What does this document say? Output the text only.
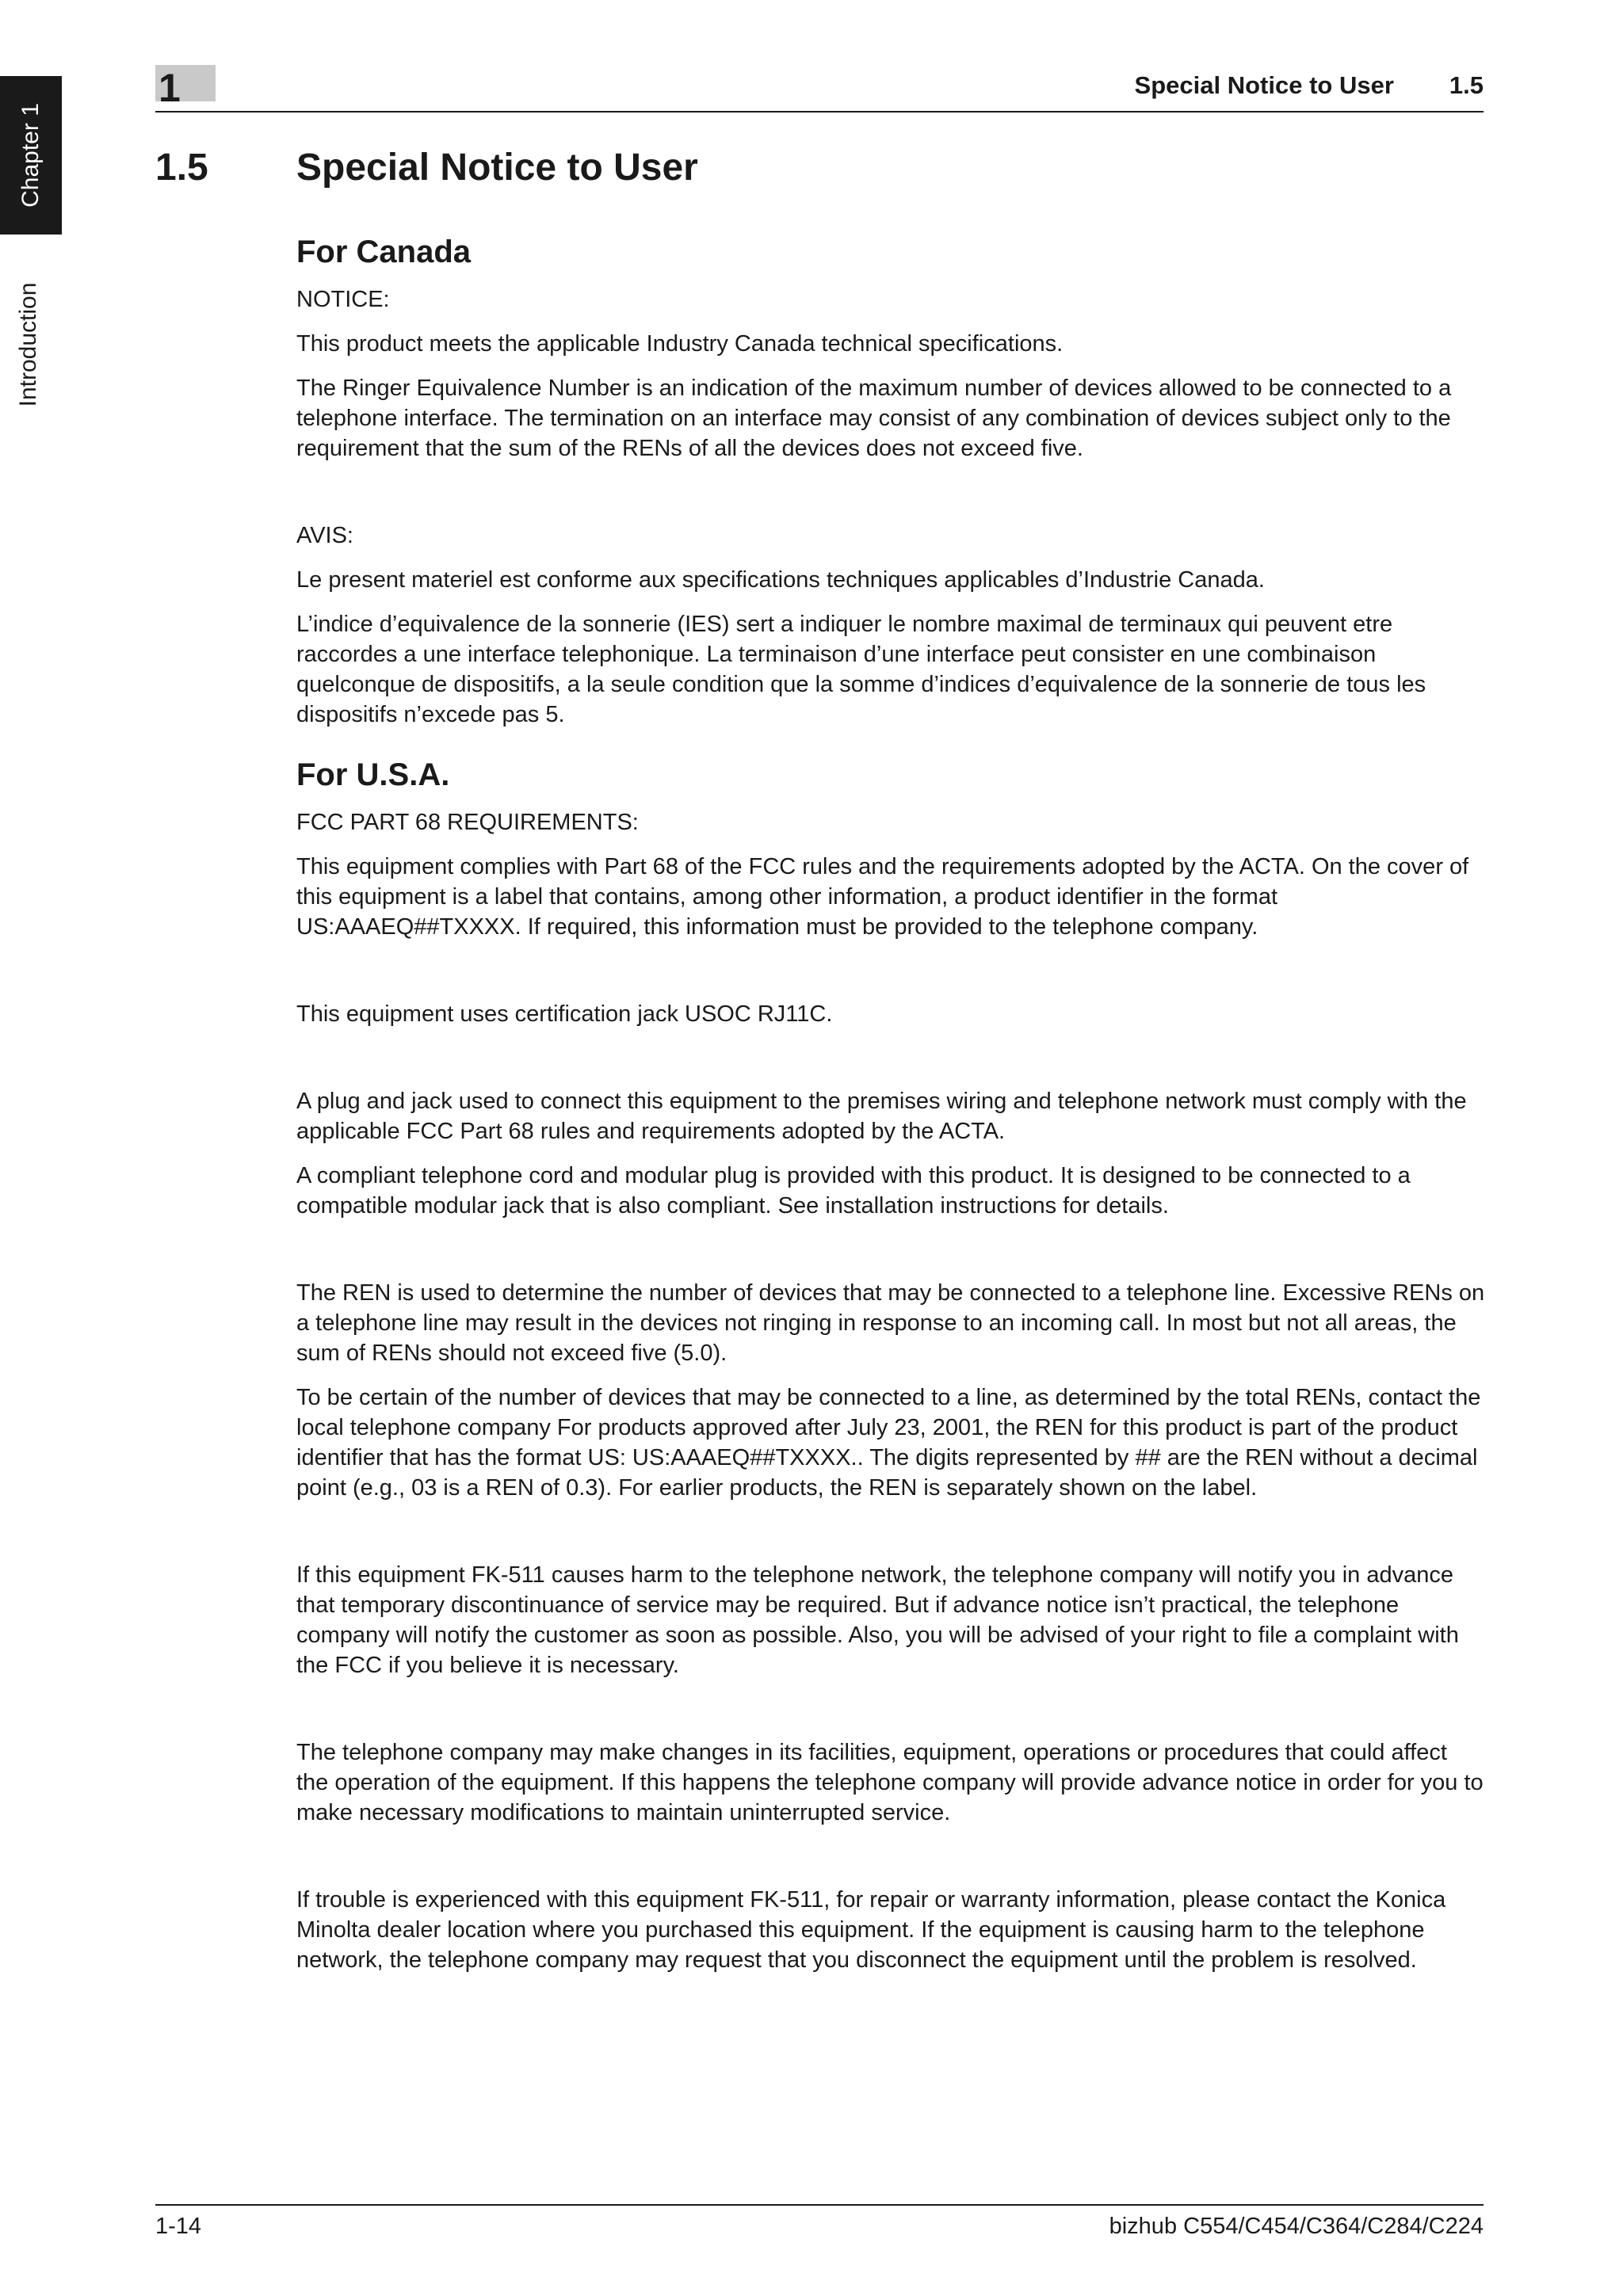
Chapter 1
Introduction
1	Special Notice to User 1.5
1.5 Special Notice to User
For Canada

NOTICE:

This product meets the applicable Industry Canada technical specifications.

The Ringer Equivalence Number is an indication of the maximum number of devices allowed to be connected to a telephone interface. The termination on an interface may consist of any combination of devices subject only to the requirement that the sum of the RENs of all the devices does not exceed five.

AVIS:

Le present materiel est conforme aux specifications techniques applicables d’Industrie Canada.

L’indice d’equivalence de la sonnerie (IES) sert a indiquer le nombre maximal de terminaux qui peuvent etre raccordes a une interface telephonique. La terminaison d’une interface peut consister en une combinaison quelconque de dispositifs, a la seule condition que la somme d’indices d’equivalence de la sonnerie de tous les dispositifs n’excede pas 5.

For U.S.A.

FCC PART 68 REQUIREMENTS:

This equipment complies with Part 68 of the FCC rules and the requirements adopted by the ACTA. On the cover of this equipment is a label that contains, among other information, a product identifier in the format US:AAAEQ##TXXXX. If required, this information must be provided to the telephone company.

This equipment uses certification jack USOC RJ11C.

A plug and jack used to connect this equipment to the premises wiring and telephone network must comply with the applicable FCC Part 68 rules and requirements adopted by the ACTA.

A compliant telephone cord and modular plug is provided with this product. It is designed to be connected to a compatible modular jack that is also compliant. See installation instructions for details.

The REN is used to determine the number of devices that may be connected to a telephone line. Excessive RENs on a telephone line may result in the devices not ringing in response to an incoming call. In most but not all areas, the sum of RENs should not exceed five (5.0).

To be certain of the number of devices that may be connected to a line, as determined by the total RENs, contact the local telephone company For products approved after July 23, 2001, the REN for this product is part of the product identifier that has the format US: US:AAAEQ##TXXXX.. The digits represented by ## are the REN without a decimal point (e.g., 03 is a REN of 0.3). For earlier products, the REN is separately shown on the label.

If this equipment FK-511 causes harm to the telephone network, the telephone company will notify you in advance that temporary discontinuance of service may be required. But if advance notice isn’t practical, the telephone company will notify the customer as soon as possible. Also, you will be advised of your right to file a complaint with the FCC if you believe it is necessary.

The telephone company may make changes in its facilities, equipment, operations or procedures that could affect the operation of the equipment. If this happens the telephone company will provide advance notice in order for you to make necessary modifications to maintain uninterrupted service.

If trouble is experienced with this equipment FK-511, for repair or warranty information, please contact the Konica Minolta dealer location where you purchased this equipment. If the equipment is causing harm to the telephone network, the telephone company may request that you disconnect the equipment until the problem is resolved.

1-14	bizhub C554/C454/C364/C284/C224
